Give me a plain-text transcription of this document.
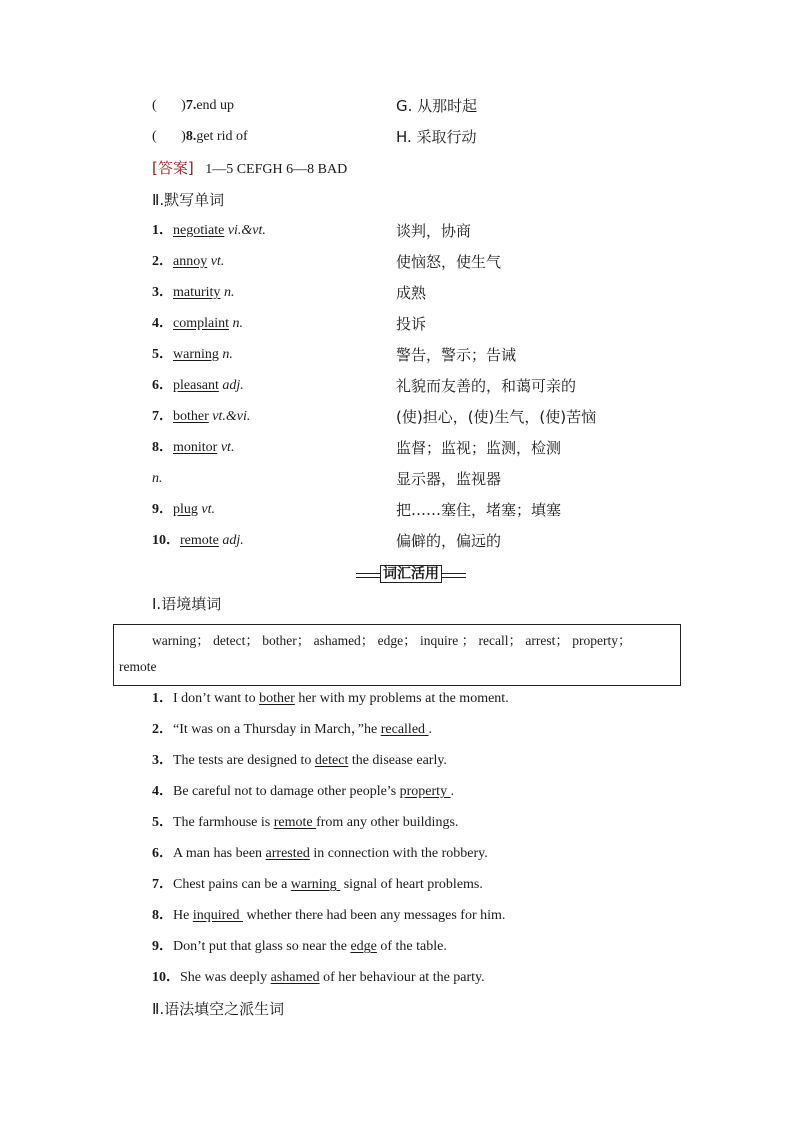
(       )7.end up	G. 从那时起
(       )8.get rid of	H. 采取行动
[答案] 1—5 CEFGH 6—8 BAD
Ⅱ.默写单词
1．negotiate vi.&vt.	谈判，协商
2．annoy vt.	使恼怒，使生气
3．maturity n.	成熟
4．complaint n.	投诉
5．warning n.	警告，警示；告诫
6．pleasant adj.	礼貌而友善的，和蔼可亲的
7．bother vt.&vi.	(使)担心，(使)生气，(使)苦恼
8．monitor vt.	监督；监视；监测，检测
n.	显示器，监视器
9．plug vt.	把……塞住，堵塞；填塞
10．remote adj.	偏僻的，偏远的
词汇活用
Ⅰ.语境填词
warning； detect； bother； ashamed； edge； inquire ； recall； arrest； property；
remote
1．I don’t want to bother her with my problems at the moment.
2．“It was on a Thursday in March，”he recalled .
3．The tests are designed to detect the disease early.
4．Be careful not to damage other people’s property .
5．The farmhouse is remote from any other buildings.
6．A man has been arrested in connection with the robbery.
7．Chest pains can be a warning  signal of heart problems.
8．He inquired  whether there had been any messages for him.
9．Don’t put that glass so near the edge of the table.
10．She was deeply ashamed of her behaviour at the party.
Ⅱ.语法填空之派生词
